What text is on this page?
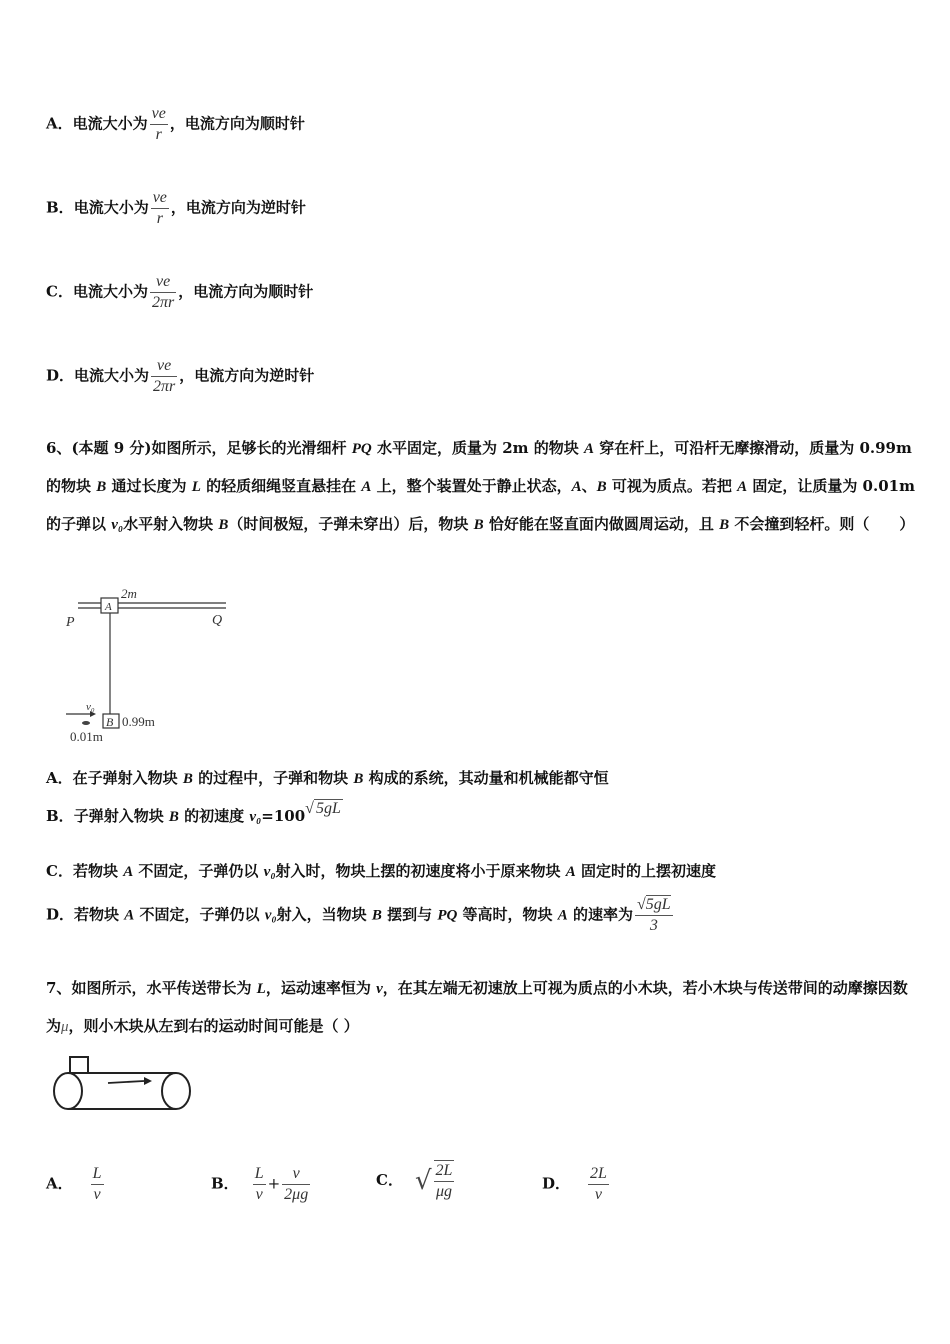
A．电流大小为 $\frac{ve}{r}$ ，电流方向为顺时针
B．电流大小为 $\frac{ve}{r}$ ，电流方向为逆时针
C．电流大小为 $\frac{ve}{2\pi r}$ ，电流方向为顺时针
D．电流大小为 $\frac{ve}{2\pi r}$ ，电流方向为逆时针
6、(本题 9 分)如图所示，足够长的光滑细杆 PQ 水平固定，质量为 2m 的物块 A 穿在杆上，可沿杆无摩擦滑动，质量为 0.99m 的物块 B 通过长度为 L 的轻质细绳竖直悬挂在 A 上，整个装置处于静止状态，A、B 可视为质点。若把 A 固定，让质量为 0.01m 的子弹以 v₀水平射入物块 B（时间极短，子弹未穿出）后，物块 B 恰好能在竖直面内做圆周运动，且 B 不会撞到轻杆。则（　　）
A
2m
P	Q
B 0.99m
v₀
0.01m
A．在子弹射入物块 B 的过程中，子弹和物块 B 构成的系统，其动量和机械能都守恒
B．子弹射入物块 B 的初速度 v₀=100√ 5gL
C．若物块 A 不固定，子弹仍以 v₀射入时，物块上摆的初速度将小于原来物块 A 固定时的上摆初速度
D．若物块 A 不固定，子弹仍以 v₀射入，当物块 B 摆到与 PQ 等高时，物块 A 的速率为 $\frac{√5gL}{3}$
7、如图所示，水平传送带长为 L，运动速率恒为 v，在其左端无初速放上可视为质点的小木块，若小木块与传送带间的动摩擦因数为μ，则小木块从左到右的运动时间可能是（ ）
A． $\frac{L}{v}$	B． $\frac{L}{v} + \frac{v}{2\mu g}$	C． √ $\frac{2L}{\mu g}$	D． $\frac{2L}{v}$
